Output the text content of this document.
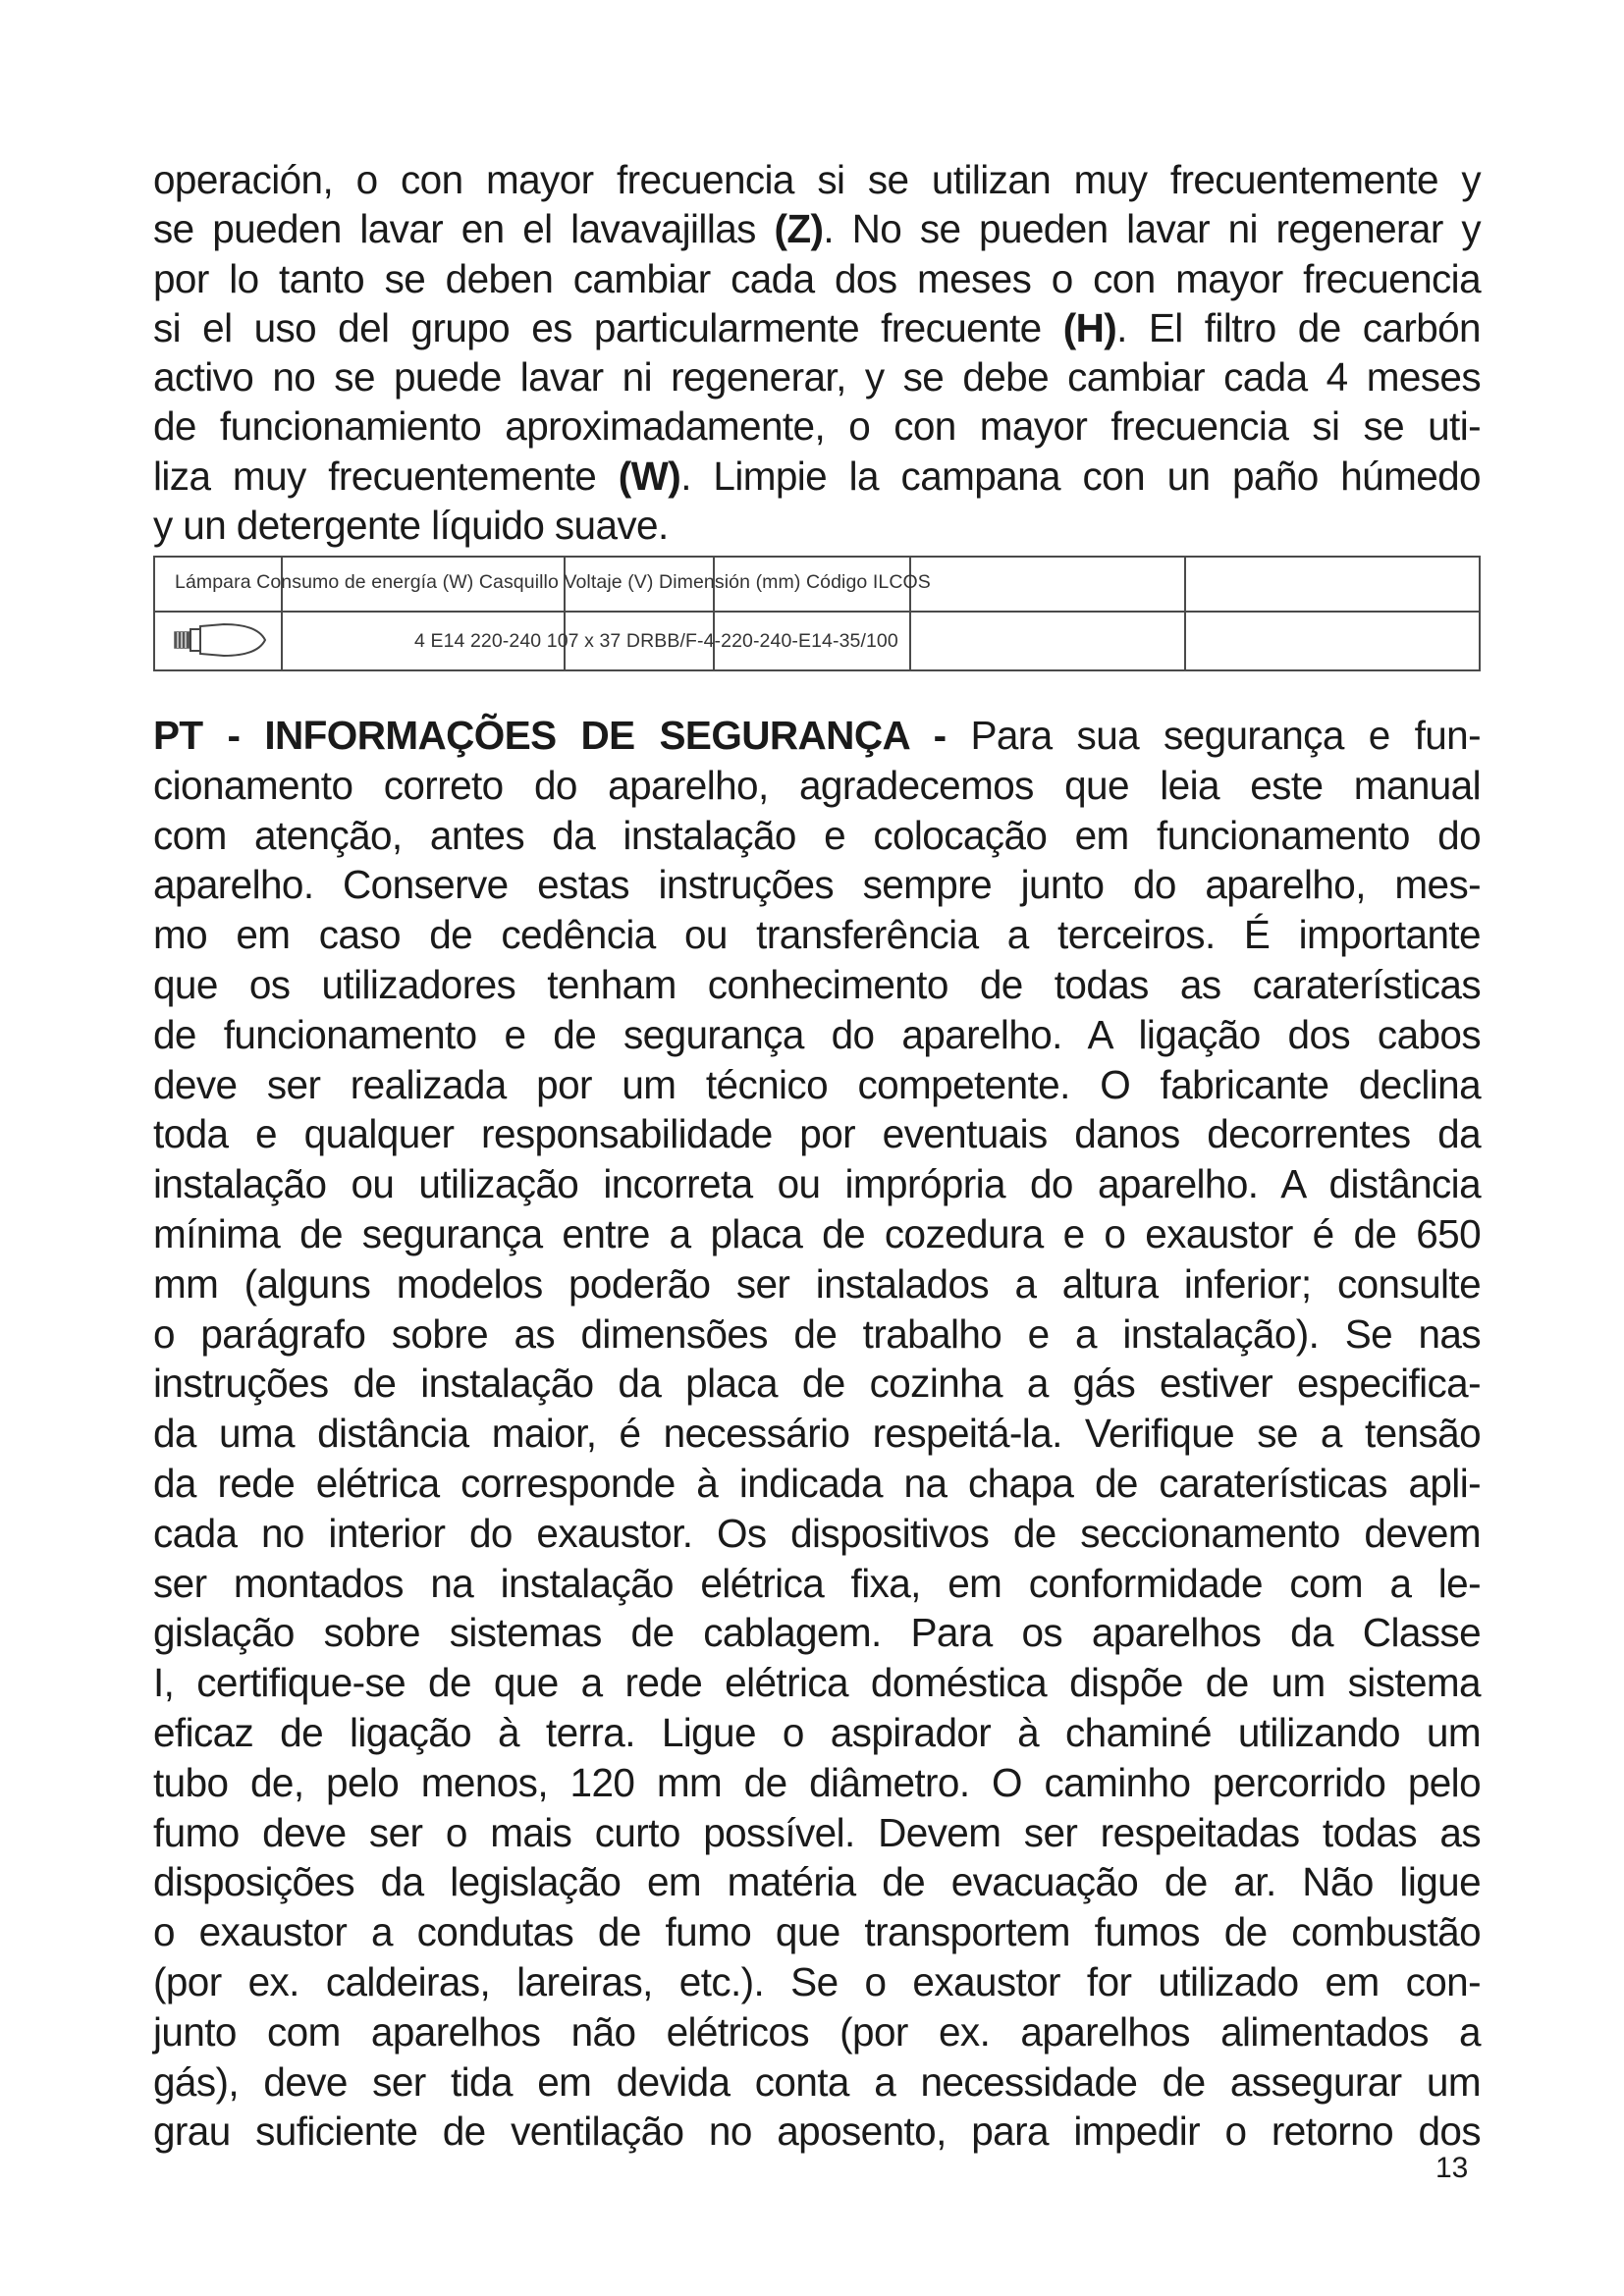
operación, o con mayor frecuencia si se utilizan muy frecuentemente y
se pueden lavar en el lavavajillas (Z). No se pueden lavar ni regenerar y
por lo tanto se deben cambiar cada dos meses o con mayor frecuencia
si el uso del grupo es particularmente frecuente (H). El filtro de carbón
activo no se puede lavar ni regenerar, y se debe cambiar cada 4 meses
de funcionamiento aproximadamente, o con mayor frecuencia si se uti-
liza muy frecuentemente (W). Limpie la campana con un paño húmedo
y un detergente líquido suave.
Lámpara Consumo de energía (W) Casquillo Voltaje (V) Dimensión (mm) Código ILCOS
4 E14 220-240 107 x 37 DRBB/F-4-220-240-E14-35/100
PT - INFORMAÇÕES DE SEGURANÇA - Para sua segurança e fun-
cionamento correto do aparelho, agradecemos que leia este manual
com atenção, antes da instalação e colocação em funcionamento do
aparelho. Conserve estas instruções sempre junto do aparelho, mes-
mo em caso de cedência ou transferência a terceiros. É importante
que os utilizadores tenham conhecimento de todas as caraterísticas
de funcionamento e de segurança do aparelho. A ligação dos cabos
deve ser realizada por um técnico competente. O fabricante declina
toda e qualquer responsabilidade por eventuais danos decorrentes da
instalação ou utilização incorreta ou imprópria do aparelho. A distância
mínima de segurança entre a placa de cozedura e o exaustor é de 650
mm (alguns modelos poderão ser instalados a altura inferior; consulte
o parágrafo sobre as dimensões de trabalho e a instalação). Se nas
instruções de instalação da placa de cozinha a gás estiver especifica-
da uma distância maior, é necessário respeitá-la. Verifique se a tensão
da rede elétrica corresponde à indicada na chapa de caraterísticas apli-
cada no interior do exaustor. Os dispositivos de seccionamento devem
ser montados na instalação elétrica fixa, em conformidade com a le-
gislação sobre sistemas de cablagem. Para os aparelhos da Classe
I, certifique-se de que a rede elétrica doméstica dispõe de um sistema
eficaz de ligação à terra. Ligue o aspirador à chaminé utilizando um
tubo de, pelo menos, 120 mm de diâmetro. O caminho percorrido pelo
fumo deve ser o mais curto possível. Devem ser respeitadas todas as
disposições da legislação em matéria de evacuação de ar. Não ligue
o exaustor a condutas de fumo que transportem fumos de combustão
(por ex. caldeiras, lareiras, etc.). Se o exaustor for utilizado em con-
junto com aparelhos não elétricos (por ex. aparelhos alimentados a
gás), deve ser tida em devida conta a necessidade de assegurar um
grau suficiente de ventilação no aposento, para impedir o retorno dos
13
